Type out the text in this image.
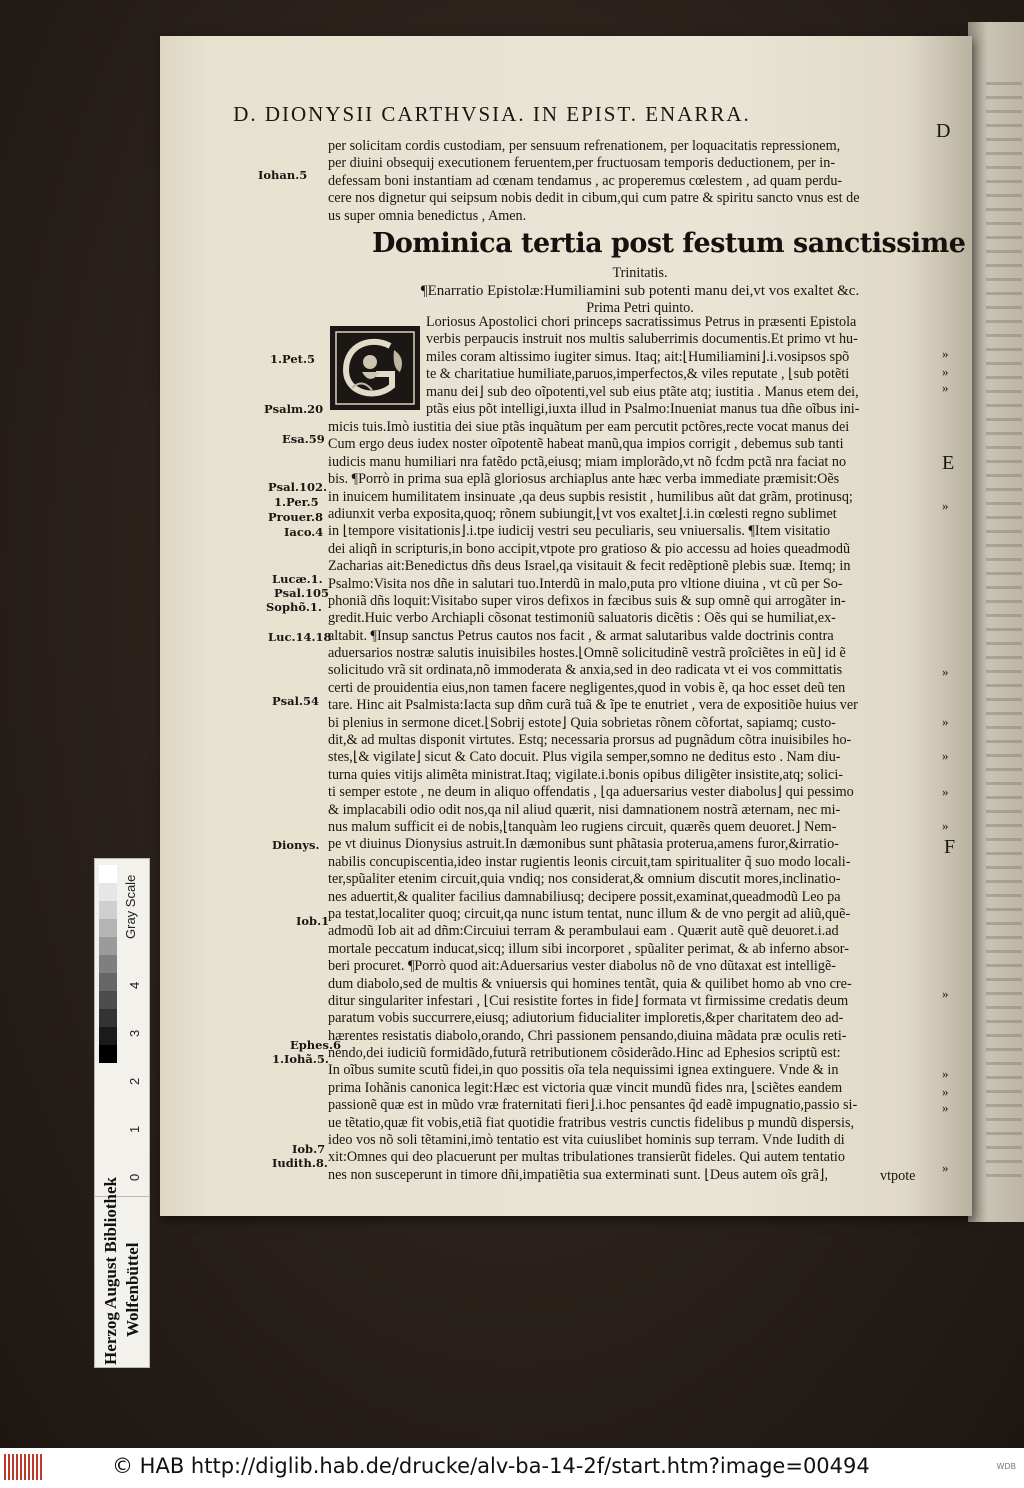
D. DIONYSII CARTHVSIA. IN EPIST. ENARRA.
D
E
F
per solicitam cordis custodiam, per sensuum refrenationem, per loquacitatis repressionem,
per diuini obsequij executionem feruentem,per fructuosam temporis deductionem, per in-
defessam boni instantiam ad cœnam tendamus , ac properemus cœlestem , ad quam perdu-
cere nos dignetur qui seipsum nobis dedit in cibum,qui cum patre & spiritu sancto vnus est de
us super omnia benedictus , Amen.
Dominica tertia post festum sanctissime
Trinitatis.
¶Enarratio Epistolæ:Humiliamini sub potenti manu dei,vt vos exaltet &c.
Prima Petri quinto.
Loriosus Apostolici chori princeps sacratissimus Petrus in præsenti Epistola
verbis perpaucis instruit nos multis saluberrimis documentis.Et primo vt hu-
miles coram altissimo iugiter simus. Itaq; ait:⌊Humiliamini⌋.i.vosipsos spõ
te & charitatiue humiliate,paruos,imperfectos,& viles reputate , ⌊sub potẽti
manu dei⌋ sub deo oĩpotenti,vel sub eius ptãte atq; iustitia . Manus etem dei,
ptãs eius põt intelligi,iuxta illud in Psalmo:Inueniat manus tua dñe oĩbus ini-
micis tuis.Imò iustitia dei siue ptãs inquãtum per eam percutit pctõres,recte vocat manus dei
Cum ergo deus iudex noster oĩpotentẽ habeat manũ,qua impios corrigit , debemus sub tanti
iudicis manu humiliari nra fatẽdo pctã,eiusq; miam implorãdo,vt nõ fcdm pctã nra faciat no
bis. ¶Porrò in prima sua eplã gloriosus archiaplus ante hæc verba immediate præmisit:Oẽs
in inuicem humilitatem insinuate ,qa deus supbis resistit , humilibus aũt dat grãm, protinusq;
adiunxit verba exposita,quoq; rõnem subiungit,⌊vt vos exaltet⌋.i.in cœlesti regno sublimet
in ⌊tempore visitationis⌋.i.tpe iudicij vestri seu peculiaris, seu vniuersalis. ¶Item visitatio
dei aliqñ in scripturis,in bono accipit,vtpote pro gratioso & pio accessu ad hoies queadmodũ
Zacharias ait:Benedictus dñs deus Israel,qa visitauit & fecit redẽptionẽ plebis suæ. Itemq; in
Psalmo:Visita nos dñe in salutari tuo.Interdũ in malo,puta pro vltione diuina , vt cũ per So-
phoniã dñs loquit:Visitabo super viros defixos in fæcibus suis & sup omnẽ qui arrogãter in-
gredit.Huic verbo Archiapli cõsonat testimoniũ saluatoris dicẽtis : Oẽs qui se humiliat,ex-
altabit. ¶Insup sanctus Petrus cautos nos facit , & armat salutaribus valde doctrinis contra
aduersarios nostræ salutis inuisibiles hostes.⌊Omnẽ solicitudinẽ vestrã proĩciẽtes in eũ⌋ id ẽ
solicitudo vrã sit ordinata,nõ immoderata & anxia,sed in deo radicata vt ei vos committatis
certi de prouidentia eius,non tamen facere negligentes,quod in vobis ẽ, qa hoc esset deũ ten
tare. Hinc ait Psalmista:Iacta sup dñm curã tuã & ĩpe te enutriet , vera de expositiõe huius ver
bi plenius in sermone dicet.⌊Sobrij estote⌋ Quia sobrietas rõnem cõfortat, sapiamq; custo-
dit,& ad multas disponit virtutes. Estq; necessaria prorsus ad pugnãdum cõtra inuisibiles ho-
stes,⌊& vigilate⌋ sicut & Cato docuit. Plus vigila semper,somno ne deditus esto . Nam diu-
turna quies vitijs alimẽta ministrat.Itaq; vigilate.i.bonis opibus diligẽter insistite,atq; solici-
ti semper estote , ne deum in aliquo offendatis , ⌊qa aduersarius vester diabolus⌋ qui pessimo
& implacabili odio odit nos,qa nil aliud quærit, nisi damnationem nostrã æternam, nec mi-
nus malum sufficit ei de nobis,⌊tanquàm leo rugiens circuit, quærẽs quem deuoret.⌋ Nem-
pe vt diuinus Dionysius astruit.In dæmonibus sunt phãtasia proterua,amens furor,&irratio-
nabilis concupiscentia,ideo instar rugientis leonis circuit,tam spiritualiter q̃ suo modo locali-
ter,spũaliter etenim circuit,quia vndiq; nos considerat,& omnium discutit mores,inclinatio-
nes aduertit,& qualiter facilius damnabiliusq; decipere possit,examinat,queadmodũ Leo pa
pa testat,localiter quoq; circuit,qa nunc istum tentat, nunc illum & de vno pergit ad aliũ,quẽ-
admodũ Iob ait ad dñm:Circuiui terram & perambulaui eam . Quærit autẽ quẽ deuoret.i.ad
mortale peccatum inducat,sicq; illum sibi incorporet , spũaliter perimat, & ab inferno absor-
beri procuret. ¶Porrò quod ait:Aduersarius vester diabolus nõ de vno dũtaxat est intelligẽ-
dum diabolo,sed de multis & vniuersis qui homines tentãt, quia & quilibet homo ab vno cre-
ditur singulariter infestari , ⌊Cui resistite fortes in fide⌋ formata vt firmissime credatis deum
paratum vobis succurrere,eiusq; adiutorium fiducialiter imploretis,&per charitatem deo ad-
hærentes resistatis diabolo,orando, Chri passionem pensando,diuina mãdata præ oculis reti-
nendo,dei iudiciũ formidãdo,futurã retributionem cõsiderãdo.Hinc ad Ephesios scriptũ est:
In oĩbus sumite scutũ fidei,in quo possitis oĩa tela nequissimi ignea extinguere. Vnde & in
prima Iohãnis canonica legit:Hæc est victoria quæ vincit mundũ fides nra, ⌊sciẽtes eandem
passionẽ quæ est in mũdo vræ fraternitati fieri⌋.i.hoc pensantes q̃d eadẽ impugnatio,passio si-
ue tẽtatio,quæ fit vobis,etiã fiat quotidie fratribus vestris cunctis fidelibus p mundũ dispersis,
ideo vos nõ soli tẽtamini,imò tentatio est vita cuiuslibet hominis sup terram. Vnde Iudith di
xit:Omnes qui deo placuerunt per multas tribulationes transierũt fideles. Qui autem tentatio
nes non susceperunt in timore dñi,impatiẽtia sua exterminati sunt. ⌊Deus autem oĩs grã⌋,	vtpote
Iohan.5
1.Pet.5
Psalm.20
Esa.59
Psal.102.
1.Per.5
Prouer.8
Iaco.4
Lucæ.1.
Psal.105
Sophõ.1.
Luc.14.18
Psal.54
Dionys.
Iob.1
Ephes.6
1.Iohã.5.
Iob.7
Iudith.8.
»
»
»
»
»
»
»
»
»
»
»
»
»
»
Gray Scale
4
3
2
1
0
Herzog August Bibliothek Wolfenbüttel
© HAB http://diglib.hab.de/drucke/alv-ba-14-2f/start.htm?image=00494	WDB
